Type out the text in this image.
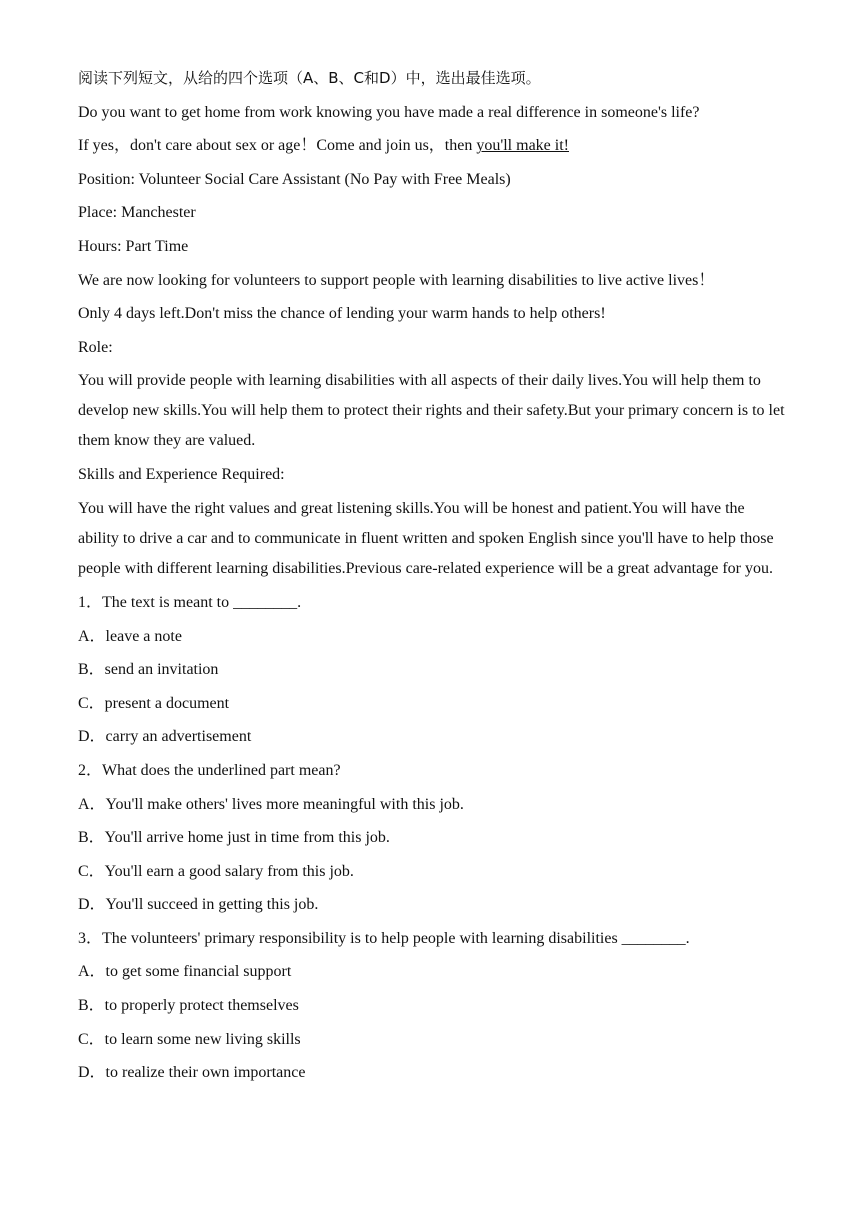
阅读下列短文，从给的四个选项（A、B、C和D）中，选出最佳选项。
Do you want to get home from work knowing you have made a real difference in someone's life?
If yes，don't care about sex or age！Come and join us，then you'll make it!
Position: Volunteer Social Care Assistant (No Pay with Free Meals)
Place: Manchester
Hours: Part Time
We are now looking for volunteers to support people with learning disabilities to live active lives！
Only 4 days left.Don't miss the chance of lending your warm hands to help others!
Role:
You will provide people with learning disabilities with all aspects of their daily lives.You will help them to develop new skills.You will help them to protect their rights and their safety.But your primary concern is to let them know they are valued.
Skills and Experience Required:
You will have the right values and great listening skills.You will be honest and patient.You will have the ability to drive a car and to communicate in fluent written and spoken English since you'll have to help those people with different learning disabilities.Previous care-related experience will be a great advantage for you.
1．The text is meant to ________.
A．leave a note
B．send an invitation
C．present a document
D．carry an advertisement
2．What does the underlined part mean?
A．You'll make others' lives more meaningful with this job.
B．You'll arrive home just in time from this job.
C．You'll earn a good salary from this job.
D．You'll succeed in getting this job.
3．The volunteers' primary responsibility is to help people with learning disabilities ________.
A．to get some financial support
B．to properly protect themselves
C．to learn some new living skills
D．to realize their own importance
